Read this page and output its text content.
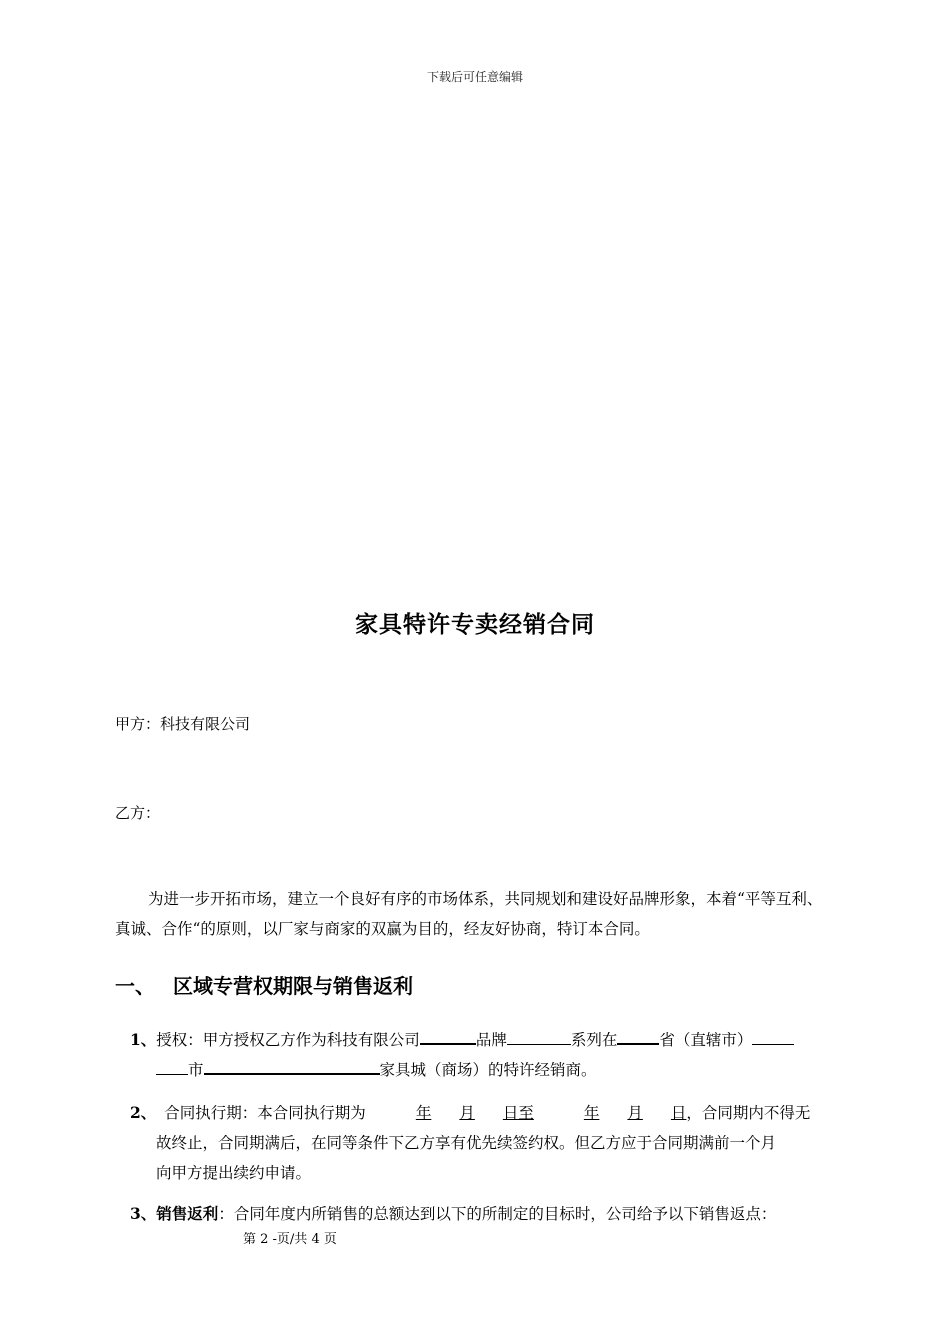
下载后可任意编辑
家具特许专卖经销合同
甲方：科技有限公司
乙方：
为进一步开拓市场，建立一个良好有序的市场体系，共同规划和建设好品牌形象，本着“平等互利、真诚、合作“的原则，以厂家与商家的双赢为目的，经友好协商，特订本合同。
一、 区域专营权期限与销售返利
1、授权：甲方授权乙方作为科技有限公司	品牌	系列在	省（直辖市）
市	家具城（商场）的特许经销商。
2、 合同执行期：本合同执行期为	年 月 日至	年 月 日，合同期内不得无
故终止，合同期满后，在同等条件下乙方享有优先续签约权。但乙方应于合同期满前一个月
向甲方提出续约申请。
3、销售返利：合同年度内所销售的总额达到以下的所制定的目标时，公司给予以下销售返点：
第 2 -页/共 4 页
